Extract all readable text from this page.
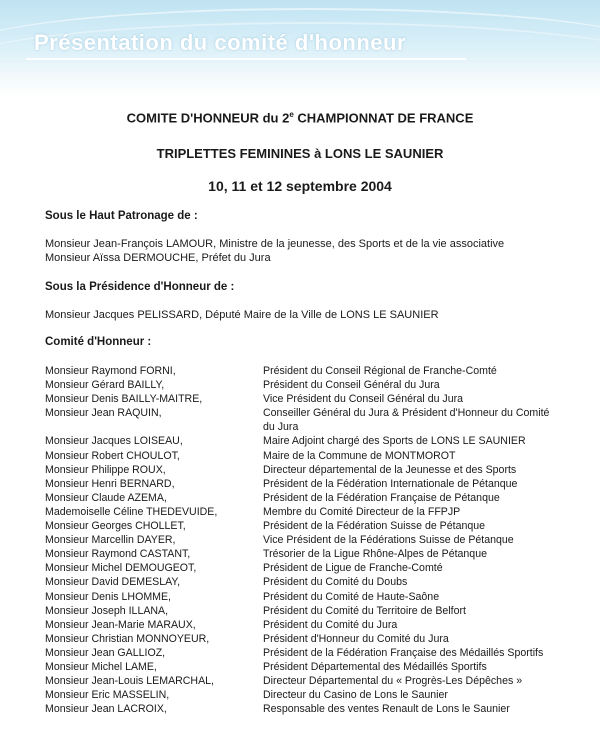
Présentation du comité d'honneur
COMITE D'HONNEUR du 2e CHAMPIONNAT DE FRANCE
TRIPLETTES FEMININES à LONS LE SAUNIER
10, 11 et 12 septembre 2004
Sous le Haut Patronage de :
Monsieur Jean-François LAMOUR, Ministre de la jeunesse, des Sports et de la vie associative
Monsieur Aïssa DERMOUCHE, Préfet du Jura
Sous la Présidence d'Honneur de :
Monsieur Jacques PELISSARD, Député Maire de la Ville de LONS LE SAUNIER
Comité d'Honneur :
Monsieur Raymond FORNI,	Président du Conseil Régional de Franche-Comté
Monsieur Gérard BAILLY,	Président du Conseil Général du Jura
Monsieur Denis BAILLY-MAITRE,	Vice Président du Conseil Général du Jura
Monsieur Jean RAQUIN,	Conseiller Général du Jura & Président d'Honneur du Comité du Jura
Monsieur Jacques LOISEAU,	Maire Adjoint chargé des Sports de LONS LE SAUNIER
Monsieur Robert CHOULOT,	Maire de la Commune de MONTMOROT
Monsieur Philippe ROUX,	Directeur départemental de la Jeunesse et des Sports
Monsieur Henri BERNARD,	Président de la Fédération Internationale de Pétanque
Monsieur Claude AZEMA,	Président de la Fédération Française de Pétanque
Mademoiselle Céline THEDEVUIDE,	Membre du Comité Directeur de la FFPJP
Monsieur Georges CHOLLET,	Président de la Fédération Suisse de Pétanque
Monsieur Marcellin DAYER,	Vice Président de la Fédérations Suisse de Pétanque
Monsieur Raymond CASTANT,	Trésorier de la Ligue Rhône-Alpes de Pétanque
Monsieur Michel DEMOUGEOT,	Président de Ligue de Franche-Comté
Monsieur David DEMESLAY,	Président du Comité du Doubs
Monsieur Denis LHOMME,	Président du Comité de Haute-Saône
Monsieur Joseph ILLANA,	Président du Comité du Territoire de Belfort
Monsieur Jean-Marie MARAUX,	Président du Comité du Jura
Monsieur Christian MONNOYEUR,	Président d'Honneur du Comité du Jura
Monsieur Jean GALLIOZ,	Président de la Fédération Française des Médaillés Sportifs
Monsieur Michel LAME,	Président Départemental des Médaillés Sportifs
Monsieur Jean-Louis LEMARCHAL,	Directeur Départemental du « Progrès-Les Dépêches »
Monsieur Eric MASSELIN,	Directeur du Casino de Lons le Saunier
Monsieur Jean LACROIX,	Responsable des ventes Renault de Lons le Saunier
